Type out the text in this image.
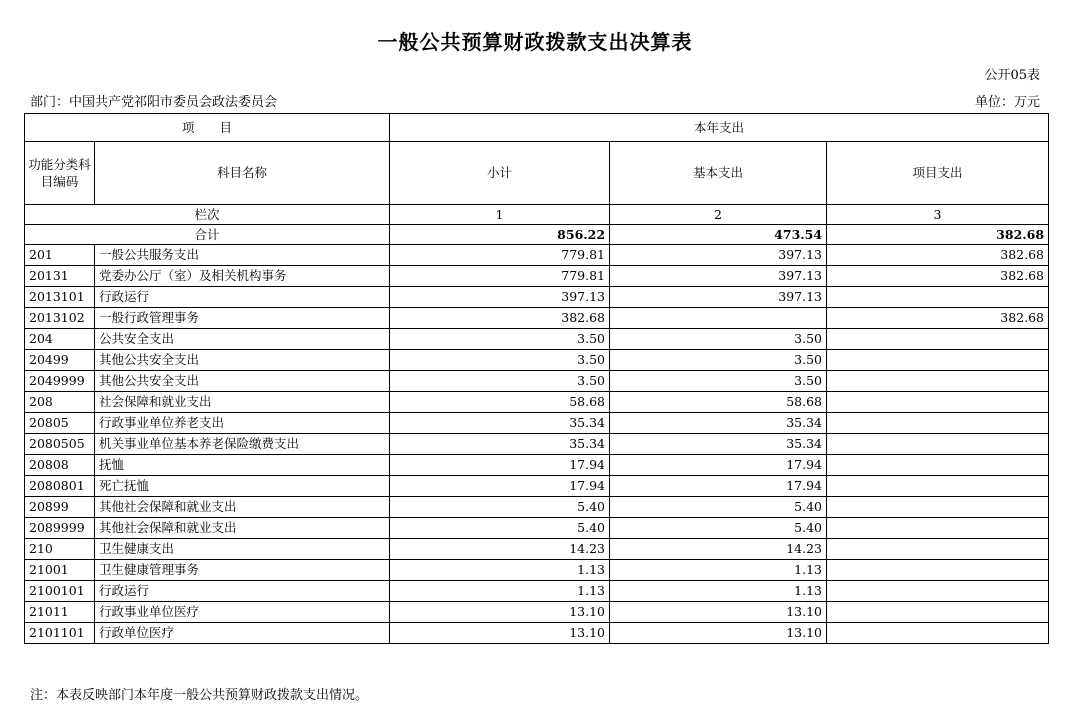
一般公共预算财政拨款支出决算表
公开05表
部门：中国共产党祁阳市委员会政法委员会	单位：万元
项　　目		本年支出		
功能分类科目编码	科目名称	小计	基本支出	项目支出
栏次		1	2	3
合计		856.22	473.54	382.68
201	一般公共服务支出	779.81	397.13	382.68
20131	党委办公厅（室）及相关机构事务	779.81	397.13	382.68
2013101	行政运行	397.13	397.13	
2013102	一般行政管理事务	382.68		382.68
204	公共安全支出	3.50	3.50	
20499	其他公共安全支出	3.50	3.50	
2049999	其他公共安全支出	3.50	3.50	
208	社会保障和就业支出	58.68	58.68	
20805	行政事业单位养老支出	35.34	35.34	
2080505	机关事业单位基本养老保险缴费支出	35.34	35.34	
20808	抚恤	17.94	17.94	
2080801	死亡抚恤	17.94	17.94	
20899	其他社会保障和就业支出	5.40	5.40	
2089999	其他社会保障和就业支出	5.40	5.40	
210	卫生健康支出	14.23	14.23	
21001	卫生健康管理事务	1.13	1.13	
2100101	行政运行	1.13	1.13	
21011	行政事业单位医疗	13.10	13.10	
2101101	行政单位医疗	13.10	13.10	
注：本表反映部门本年度一般公共预算财政拨款支出情况。
